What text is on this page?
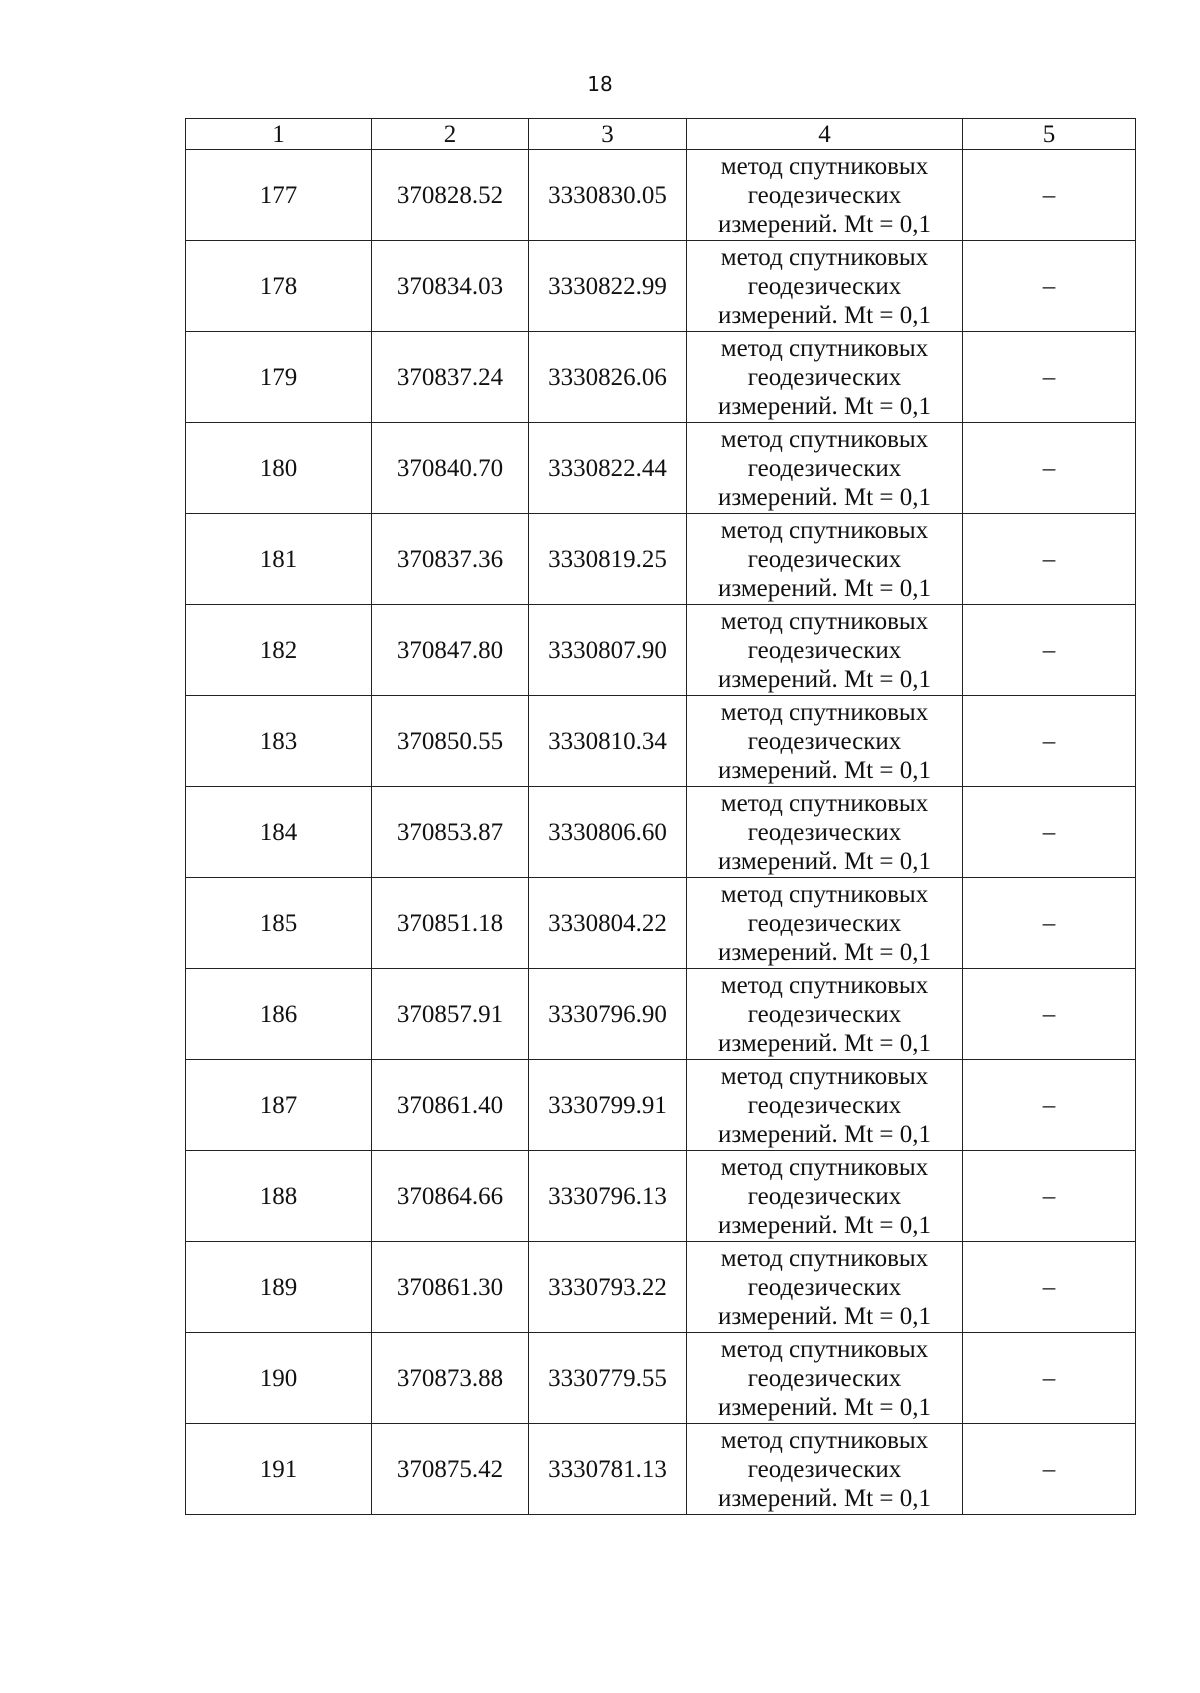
18
1	2	3	4	5
177	370828.52	3330830.05	метод спутниковых
геодезических
измерений. Mt = 0,1	–
178	370834.03	3330822.99	метод спутниковых
геодезических
измерений. Mt = 0,1	–
179	370837.24	3330826.06	метод спутниковых
геодезических
измерений. Mt = 0,1	–
180	370840.70	3330822.44	метод спутниковых
геодезических
измерений. Mt = 0,1	–
181	370837.36	3330819.25	метод спутниковых
геодезических
измерений. Mt = 0,1	–
182	370847.80	3330807.90	метод спутниковых
геодезических
измерений. Mt = 0,1	–
183	370850.55	3330810.34	метод спутниковых
геодезических
измерений. Mt = 0,1	–
184	370853.87	3330806.60	метод спутниковых
геодезических
измерений. Mt = 0,1	–
185	370851.18	3330804.22	метод спутниковых
геодезических
измерений. Mt = 0,1	–
186	370857.91	3330796.90	метод спутниковых
геодезических
измерений. Mt = 0,1	–
187	370861.40	3330799.91	метод спутниковых
геодезических
измерений. Mt = 0,1	–
188	370864.66	3330796.13	метод спутниковых
геодезических
измерений. Mt = 0,1	–
189	370861.30	3330793.22	метод спутниковых
геодезических
измерений. Mt = 0,1	–
190	370873.88	3330779.55	метод спутниковых
геодезических
измерений. Mt = 0,1	–
191	370875.42	3330781.13	метод спутниковых
геодезических
измерений. Mt = 0,1	–
